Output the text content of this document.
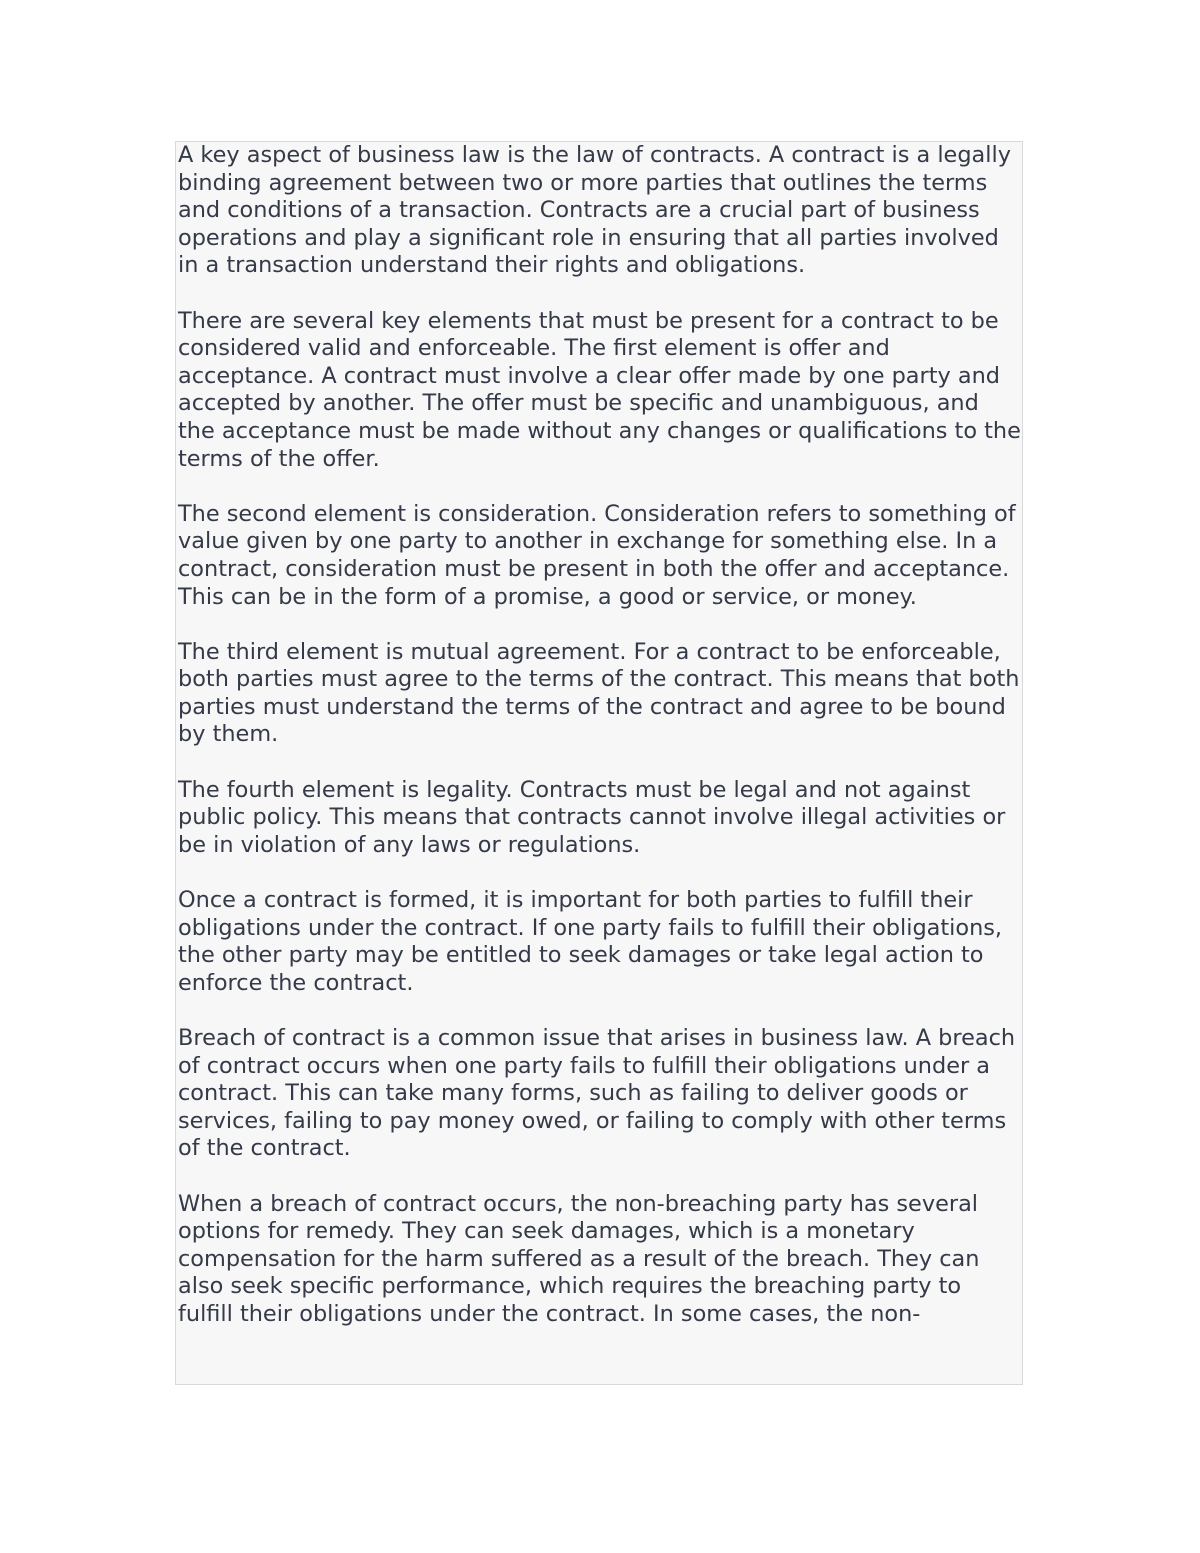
A key aspect of business law is the law of contracts. A contract is a legally binding agreement between two or more parties that outlines the terms and conditions of a transaction. Contracts are a crucial part of business operations and play a significant role in ensuring that all parties involved in a transaction understand their rights and obligations.

There are several key elements that must be present for a contract to be considered valid and enforceable. The first element is offer and acceptance. A contract must involve a clear offer made by one party and accepted by another. The offer must be specific and unambiguous, and the acceptance must be made without any changes or qualifications to the terms of the offer.

The second element is consideration. Consideration refers to something of value given by one party to another in exchange for something else. In a contract, consideration must be present in both the offer and acceptance. This can be in the form of a promise, a good or service, or money.

The third element is mutual agreement. For a contract to be enforceable, both parties must agree to the terms of the contract. This means that both parties must understand the terms of the contract and agree to be bound by them.

The fourth element is legality. Contracts must be legal and not against public policy. This means that contracts cannot involve illegal activities or be in violation of any laws or regulations.

Once a contract is formed, it is important for both parties to fulfill their obligations under the contract. If one party fails to fulfill their obligations, the other party may be entitled to seek damages or take legal action to enforce the contract.

Breach of contract is a common issue that arises in business law. A breach of contract occurs when one party fails to fulfill their obligations under a contract. This can take many forms, such as failing to deliver goods or services, failing to pay money owed, or failing to comply with other terms of the contract.

When a breach of contract occurs, the non-breaching party has several options for remedy. They can seek damages, which is a monetary compensation for the harm suffered as a result of the breach. They can also seek specific performance, which requires the breaching party to fulfill their obligations under the contract. In some cases, the non-
